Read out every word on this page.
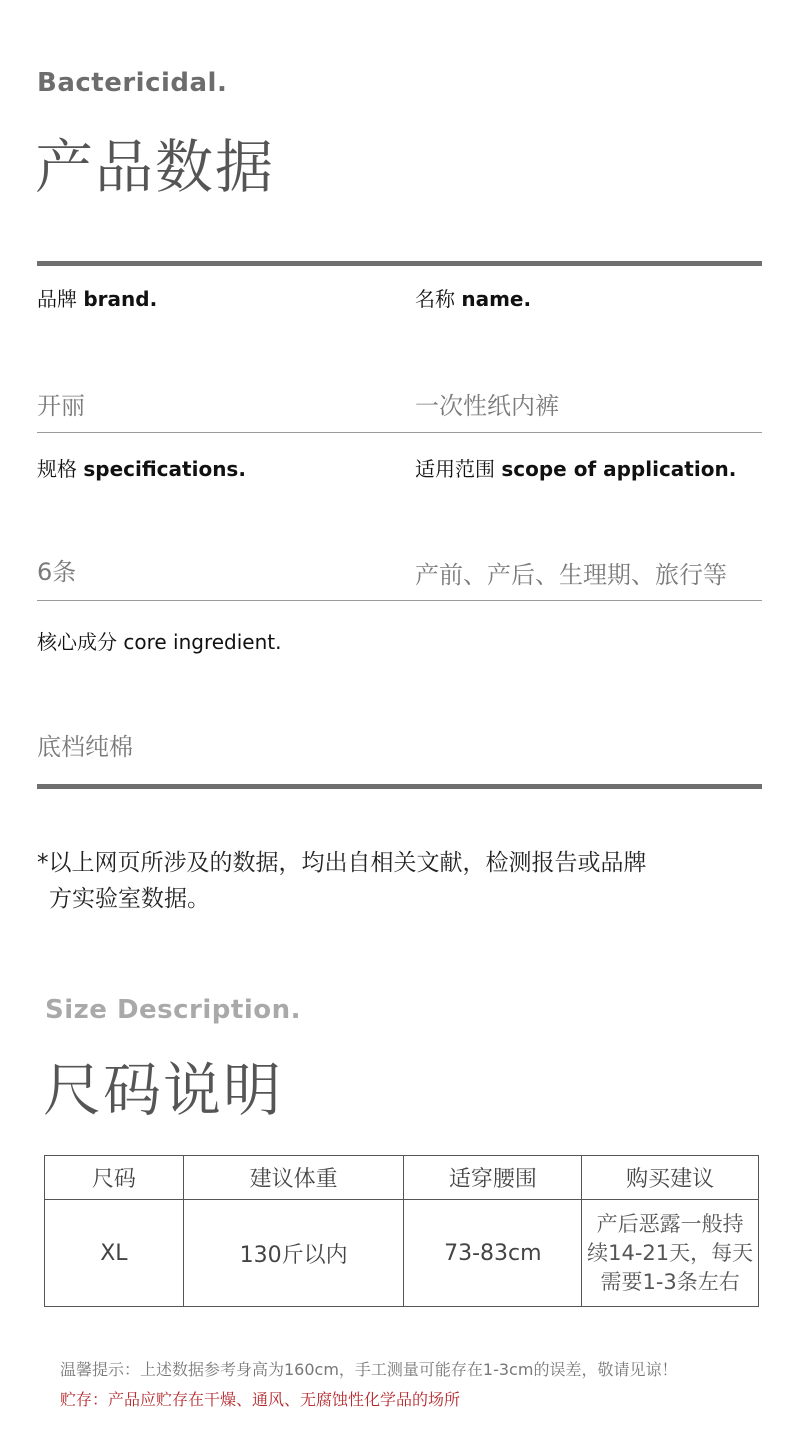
Bactericidal.
产品数据
品牌 brand.
开丽
名称 name.
一次性纸内裤
规格 specifications.
6条
适用范围 scope of application.
产前、产后、生理期、旅行等
核心成分 core ingredient.
底档纯棉
*以上网页所涉及的数据，均出自相关文献，检测报告或品牌
方实验室数据。
Size Description.
尺码说明
尺码	建议体重	适穿腰围	购买建议
XL	130斤以内	73-83cm	产后恶露一般持
续14-21天，每天
需要1-3条左右
温馨提示：上述数据参考身高为160cm，手工测量可能存在1-3cm的误差，敬请见谅！
贮存：产品应贮存在干燥、通风、无腐蚀性化学品的场所
